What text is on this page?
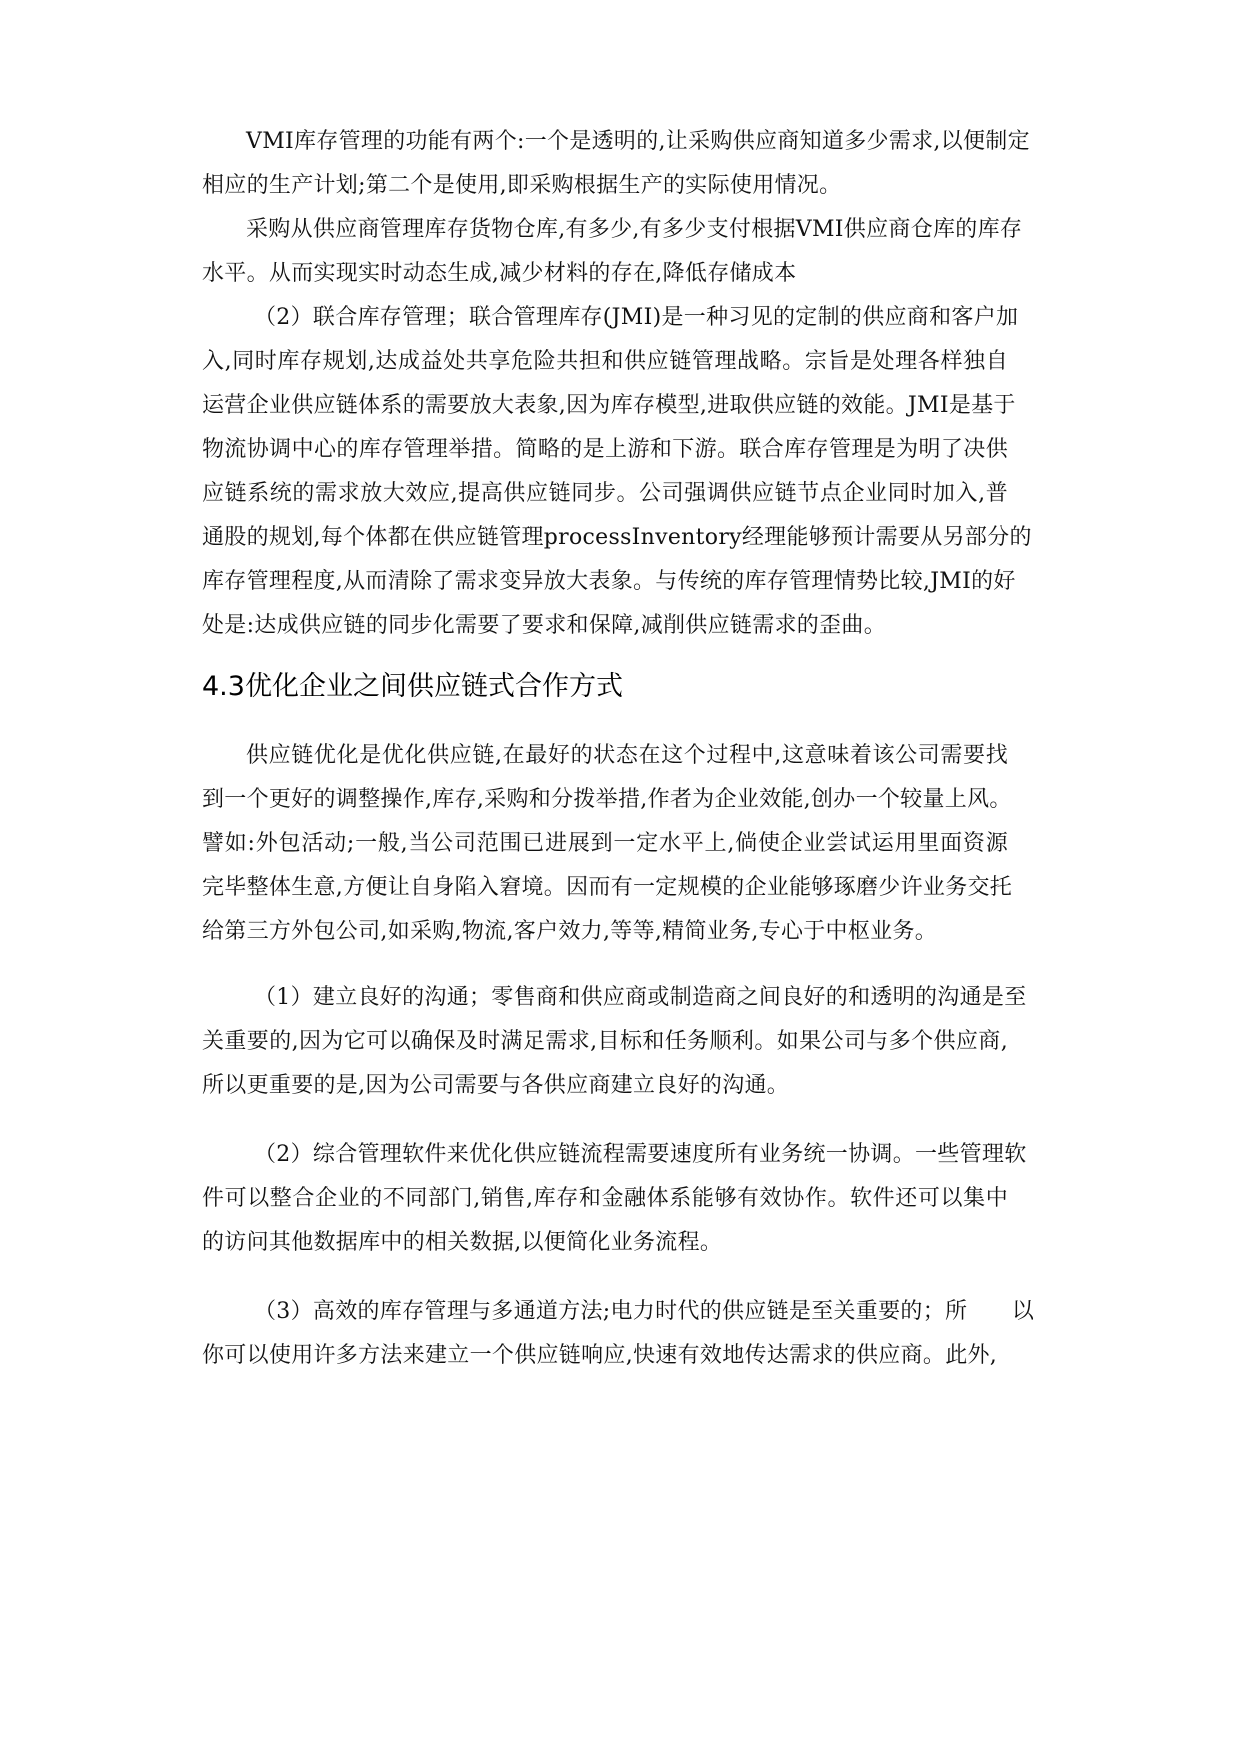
VMI库存管理的功能有两个:一个是透明的,让采购供应商知道多少需求,以便制定
相应的生产计划;第二个是使用,即采购根据生产的实际使用情况。
采购从供应商管理库存货物仓库,有多少,有多少支付根据VMI供应商仓库的库存
水平。从而实现实时动态生成,减少材料的存在,降低存储成本
（2）联合库存管理；联合管理库存(JMI)是一种习见的定制的供应商和客户加
入,同时库存规划,达成益处共享危险共担和供应链管理战略。宗旨是处理各样独自
运营企业供应链体系的需要放大表象,因为库存模型,进取供应链的效能。JMI是基于
物流协调中心的库存管理举措。简略的是上游和下游。联合库存管理是为明了决供
应链系统的需求放大效应,提高供应链同步。公司强调供应链节点企业同时加入,普
通股的规划,每个体都在供应链管理processInventory经理能够预计需要从另部分的
库存管理程度,从而清除了需求变异放大表象。与传统的库存管理情势比较,JMI的好
处是:达成供应链的同步化需要了要求和保障,减削供应链需求的歪曲。
4.3优化企业之间供应链式合作方式
供应链优化是优化供应链,在最好的状态在这个过程中,这意味着该公司需要找
到一个更好的调整操作,库存,采购和分拨举措,作者为企业效能,创办一个较量上风。
譬如:外包活动;一般,当公司范围已进展到一定水平上,倘使企业尝试运用里面资源
完毕整体生意,方便让自身陷入窘境。因而有一定规模的企业能够琢磨少许业务交托
给第三方外包公司,如采购,物流,客户效力,等等,精简业务,专心于中枢业务。
（1）建立良好的沟通；零售商和供应商或制造商之间良好的和透明的沟通是至
关重要的,因为它可以确保及时满足需求,目标和任务顺利。如果公司与多个供应商,
所以更重要的是,因为公司需要与各供应商建立良好的沟通。
（2）综合管理软件来优化供应链流程需要速度所有业务统一协调。一些管理软
件可以整合企业的不同部门,销售,库存和金融体系能够有效协作。软件还可以集中
的访问其他数据库中的相关数据,以便简化业务流程。
（3）高效的库存管理与多通道方法;电力时代的供应链是至关重要的；所　　以
你可以使用许多方法来建立一个供应链响应,快速有效地传达需求的供应商。此外,
